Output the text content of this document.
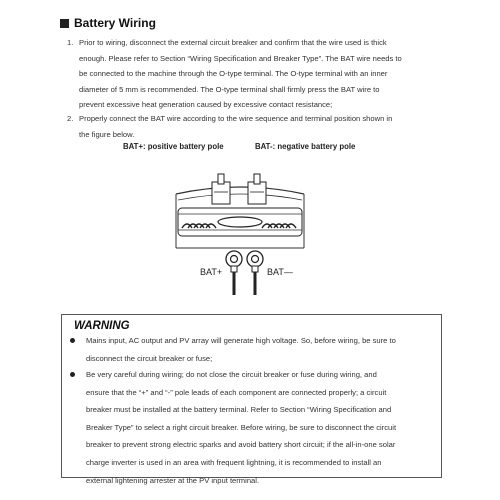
Battery Wiring
1. Prior to wiring, disconnect the external circuit breaker and confirm that the wire used is thick
enough. Please refer to Section “Wiring Specification and Breaker Type”. The BAT wire needs to
be connected to the machine through the O-type terminal. The O-type terminal with an inner
diameter of 5 mm is recommended. The O-type terminal shall firmly press the BAT wire to
prevent excessive heat generation caused by excessive contact resistance;
2. Properly connect the BAT wire according to the wire sequence and terminal position shown in
the figure below.
BAT+: positive battery pole	BAT-: negative battery pole
BAT+	BAT—
WARNING
Mains input, AC output and PV array will generate high voltage. So, before wiring, be sure to
disconnect the circuit breaker or fuse;
Be very careful during wiring; do not close the circuit breaker or fuse during wiring, and
ensure that the “+” and “-” pole leads of each component are connected properly; a circuit
breaker must be installed at the battery terminal. Refer to Section “Wiring Specification and
Breaker Type” to select a right circuit breaker. Before wiring, be sure to disconnect the circuit
breaker to prevent strong electric sparks and avoid battery short circuit; if the all-in-one solar
charge inverter is used in an area with frequent lightning, it is recommended to install an
external lightening arrester at the PV input terminal.
